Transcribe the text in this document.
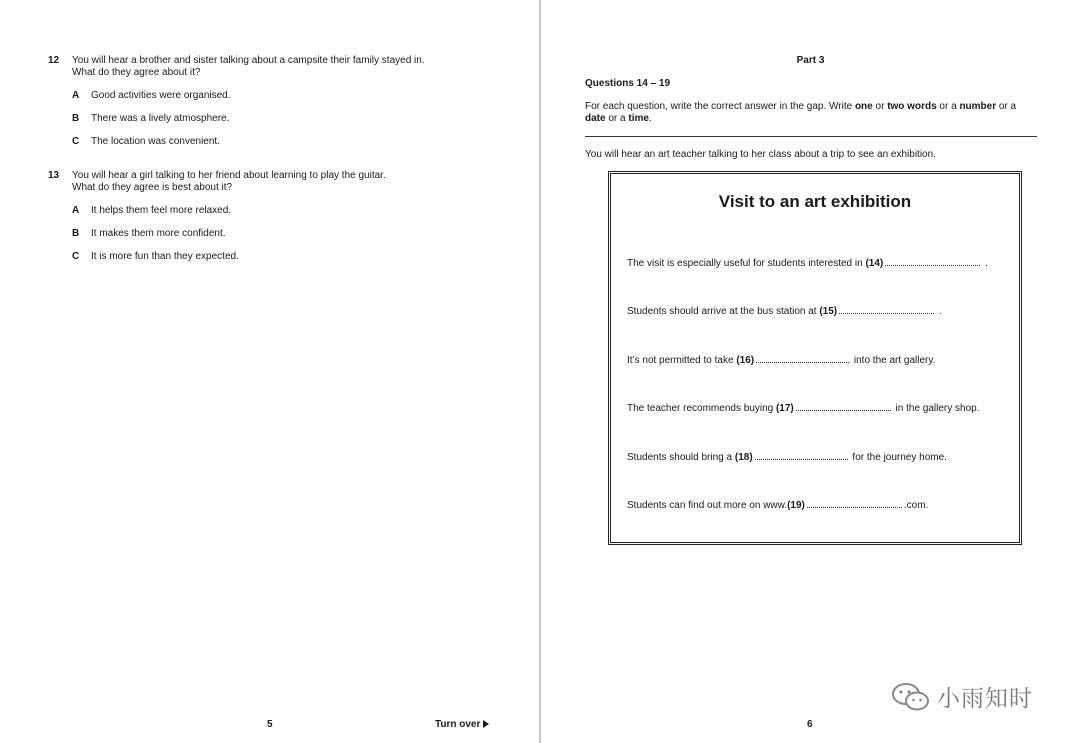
12	You will hear a brother and sister talking about a campsite their family stayed in.
What do they agree about it?
A Good activities were organised.
B There was a lively atmosphere.
C The location was convenient.
13	You will hear a girl talking to her friend about learning to play the guitar.
What do they agree is best about it?
A It helps them feel more relaxed.
B It makes them more confident.
C It is more fun than they expected.
5	Turn over
Part 3
Questions 14 – 19
For each question, write the correct answer in the gap. Write one or two words or a number or a
date or a time.
You will hear an art teacher talking to her class about a trip to see an exhibition.
Visit to an art exhibition
The visit is especially useful for students interested in (14)	.
Students should arrive at the bus station at (15)	.
It’s not permitted to take (16)	into the art gallery.
The teacher recommends buying (17)	in the gallery shop.
Students should bring a (18)	for the journey home.
Students can find out more on www.(19)	.com.
6
小雨知时
